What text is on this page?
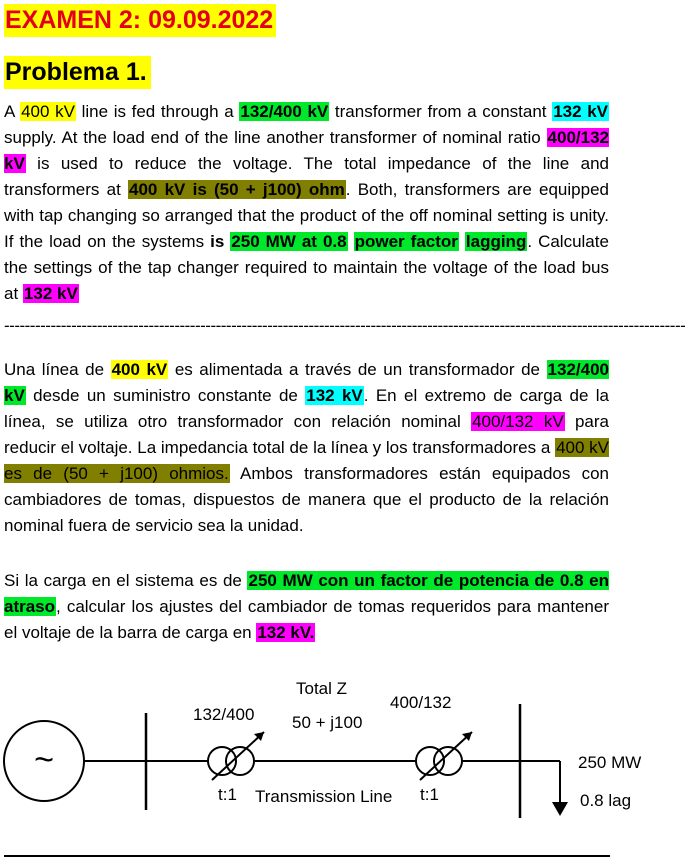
EXAMEN 2: 09.09.2022
Problema 1.

A 400 kV line is fed through a 132/400 kV transformer from a constant 132 kV supply. At the load end of the line another transformer of nominal ratio 400/132 kV is used to reduce the voltage. The total impedance of the line and transformers at 400 kV is (50 + j100) ohm. Both, transformers are equipped with tap changing so arranged that the product of the off nominal setting is unity. If the load on the systems is 250 MW at 0.8 power factor lagging. Calculate the settings of the tap changer required to maintain the voltage of the load bus at 132 kV

------------------------------------------------------------------------------------------------------------------------------------

Una línea de 400 kV es alimentada a través de un transformador de 132/400 kV desde un suministro constante de 132 kV. En el extremo de carga de la línea, se utiliza otro transformador con relación nominal 400/132 kV para reducir el voltaje. La impedancia total de la línea y los transformadores a 400 kV es de (50 + j100) ohmios. Ambos transformadores están equipados con cambiadores de tomas, dispuestos de manera que el producto de la relación nominal fuera de servicio sea la unidad.

Si la carga en el sistema es de 250 MW con un factor de potencia de 0.8 en atraso, calcular los ajustes del cambiador de tomas requeridos para mantener el voltaje de la barra de carga en 132 kV.

~
Total Z
50 + j100
132/400
400/132
t:1 Transmission Line t:1
250 MW
0.8 lag
